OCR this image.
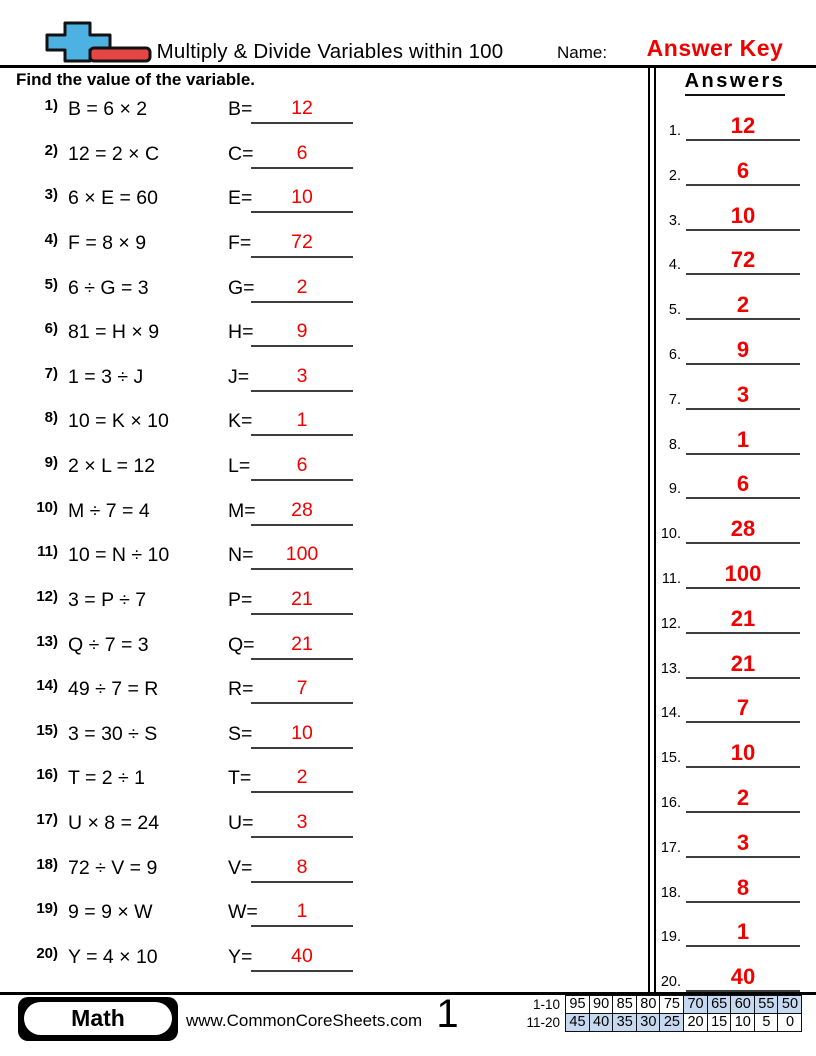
Multiply & Divide Variables within 100	Name:	Answer Key
Find the value of the variable.
1) B = 6 × 2	B=	12
2) 12 = 2 × C	C=	6
3) 6 × E = 60	E=	10
4) F = 8 × 9	F=	72
5) 6 ÷ G = 3	G=	2
6) 81 = H × 9	H=	9
7) 1 = 3 ÷ J	J=	3
8) 10 = K × 10	K=	1
9) 2 × L = 12	L=	6
10) M ÷ 7 = 4	M=	28
11) 10 = N ÷ 10	N=	100
12) 3 = P ÷ 7	P=	21
13) Q ÷ 7 = 3	Q=	21
14) 49 ÷ 7 = R	R=	7
15) 3 = 30 ÷ S	S=	10
16) T = 2 ÷ 1	T=	2
17) U × 8 = 24	U=	3
18) 72 ÷ V = 9	V=	8
19) 9 = 9 × W	W=	1
20) Y = 4 × 10	Y=	40
Answers
1.	12
2.	6
3.	10
4.	72
5.	2
6.	9
7.	3
8.	1
9.	6
10.	28
11.	100
12.	21
13.	21
14.	7
15.	10
16.	2
17.	3
18.	8
19.	1
20.	40
Math	www.CommonCoreSheets.com 1	1-10 95 90 85 80 75 70 65 60 55 50
11-20 45 40 35 30 25 20 15 10 5	0
